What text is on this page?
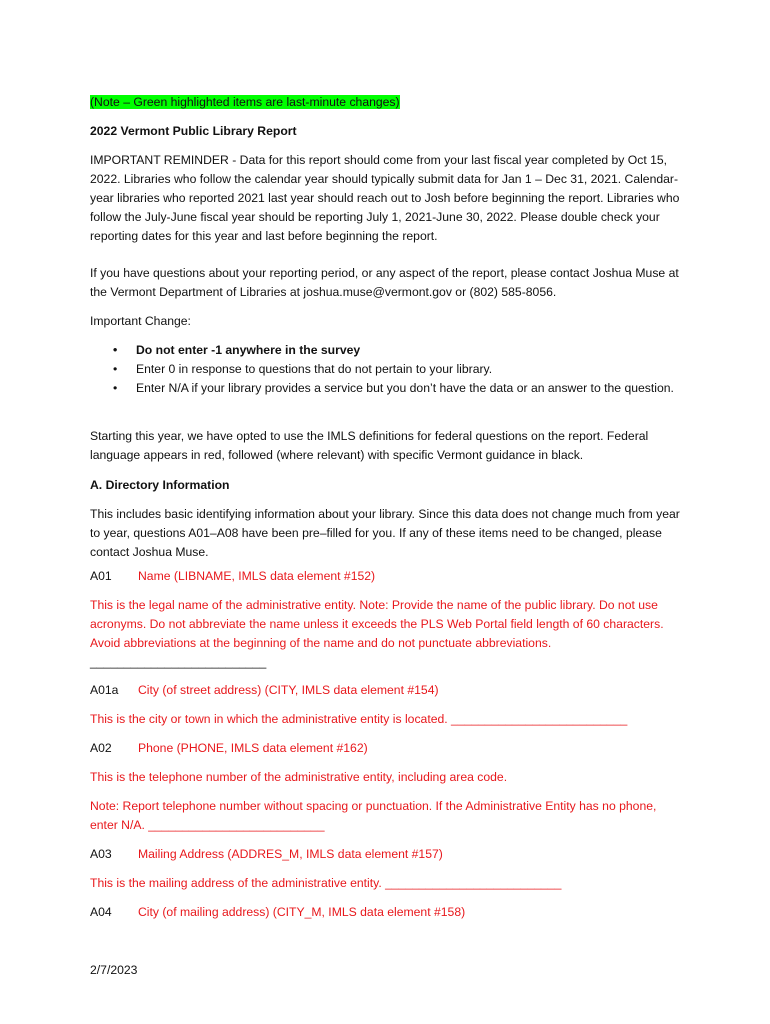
(Note – Green highlighted items are last-minute changes)

2022 Vermont Public Library Report

IMPORTANT REMINDER - Data for this report should come from your last fiscal year completed by Oct 15, 2022. Libraries who follow the calendar year should typically submit data for Jan 1 – Dec 31, 2021. Calendar-year libraries who reported 2021 last year should reach out to Josh before beginning the report. Libraries who follow the July-June fiscal year should be reporting July 1, 2021-June 30, 2022. Please double check your reporting dates for this year and last before beginning the report.

If you have questions about your reporting period, or any aspect of the report, please contact Joshua Muse at the Vermont Department of Libraries at joshua.muse@vermont.gov or (802) 585-8056.

Important Change:

• Do not enter -1 anywhere in the survey
• Enter 0 in response to questions that do not pertain to your library.
• Enter N/A if your library provides a service but you don’t have the data or an answer to the question.

Starting this year, we have opted to use the IMLS definitions for federal questions on the report. Federal language appears in red, followed (where relevant) with specific Vermont guidance in black.

A. Directory Information

This includes basic identifying information about your library. Since this data does not change much from year to year, questions A01–A08 have been pre–filled for you. If any of these items need to be changed, please contact Joshua Muse.

A01 Name (LIBNAME, IMLS data element #152)

This is the legal name of the administrative entity. Note: Provide the name of the public library. Do not use acronyms. Do not abbreviate the name unless it exceeds the PLS Web Portal field length of 60 characters. Avoid abbreviations at the beginning of the name and do not punctuate abbreviations.

__________________________

A01a City (of street address) (CITY, IMLS data element #154)

This is the city or town in which the administrative entity is located. __________________________

A02 Phone (PHONE, IMLS data element #162)

This is the telephone number of the administrative entity, including area code.

Note: Report telephone number without spacing or punctuation. If the Administrative Entity has no phone, enter N/A. __________________________

A03 Mailing Address (ADDRES_M, IMLS data element #157)

This is the mailing address of the administrative entity. __________________________

A04 City (of mailing address) (CITY_M, IMLS data element #158)
2/7/2023
